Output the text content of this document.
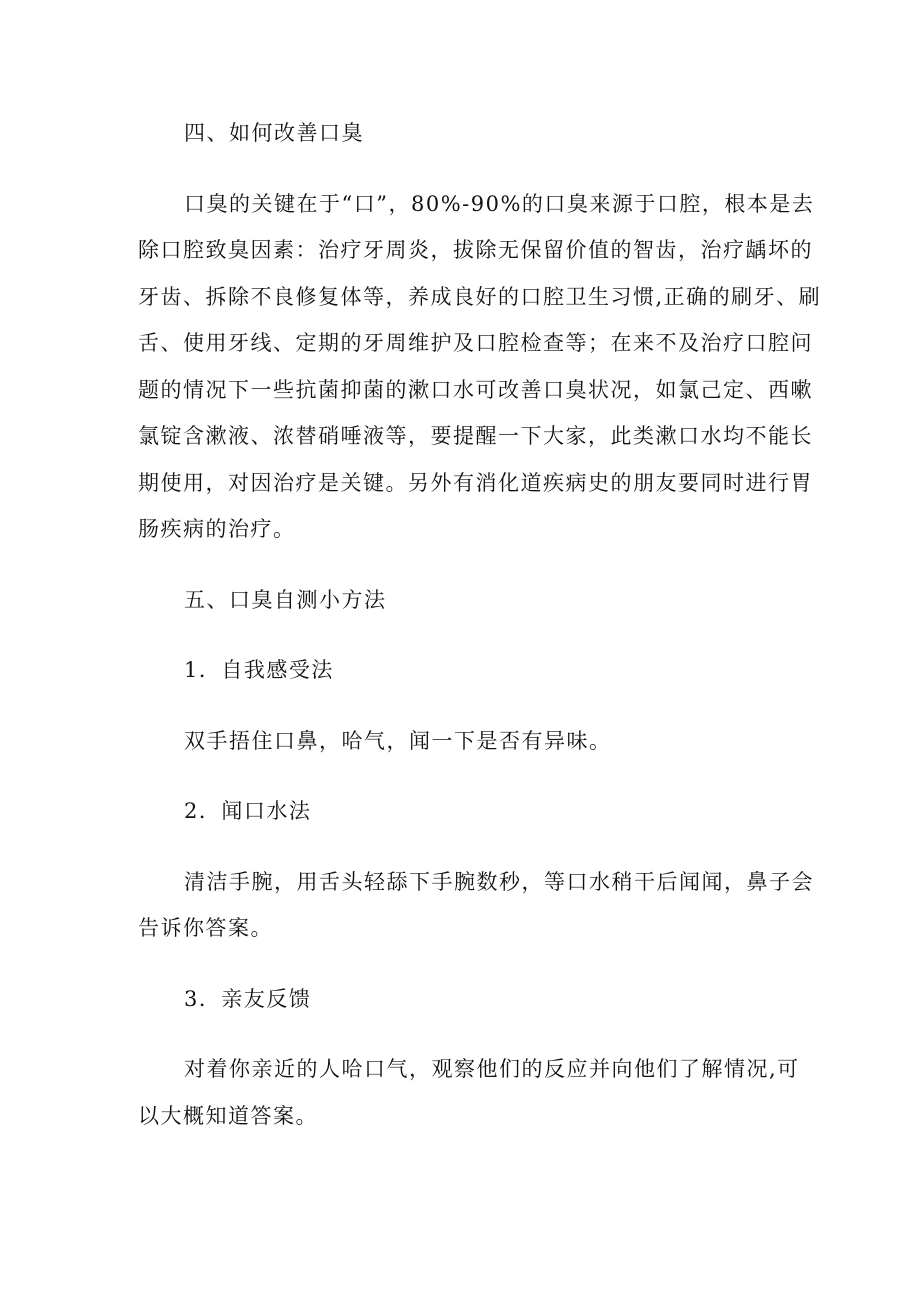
四、如何改善口臭

口臭的关键在于“口”，80%-90%的口臭来源于口腔，根本是去

除口腔致臭因素：治疗牙周炎，拔除无保留价值的智齿，治疗龋坏的

牙齿、拆除不良修复体等，养成良好的口腔卫生习惯,正确的刷牙、刷

舌、使用牙线、定期的牙周维护及口腔检查等；在来不及治疗口腔问

题的情况下一些抗菌抑菌的漱口水可改善口臭状况，如氯己定、西嗽

氯锭含漱液、浓替硝唾液等，要提醒一下大家，此类漱口水均不能长

期使用，对因治疗是关键。另外有消化道疾病史的朋友要同时进行胃

肠疾病的治疗。

五、口臭自测小方法

1．自我感受法

双手捂住口鼻，哈气，闻一下是否有异味。

2．闻口水法

清洁手腕，用舌头轻舔下手腕数秒，等口水稍干后闻闻，鼻子会

告诉你答案。

3．亲友反馈

对着你亲近的人哈口气，观察他们的反应并向他们了解情况,可

以大概知道答案。
